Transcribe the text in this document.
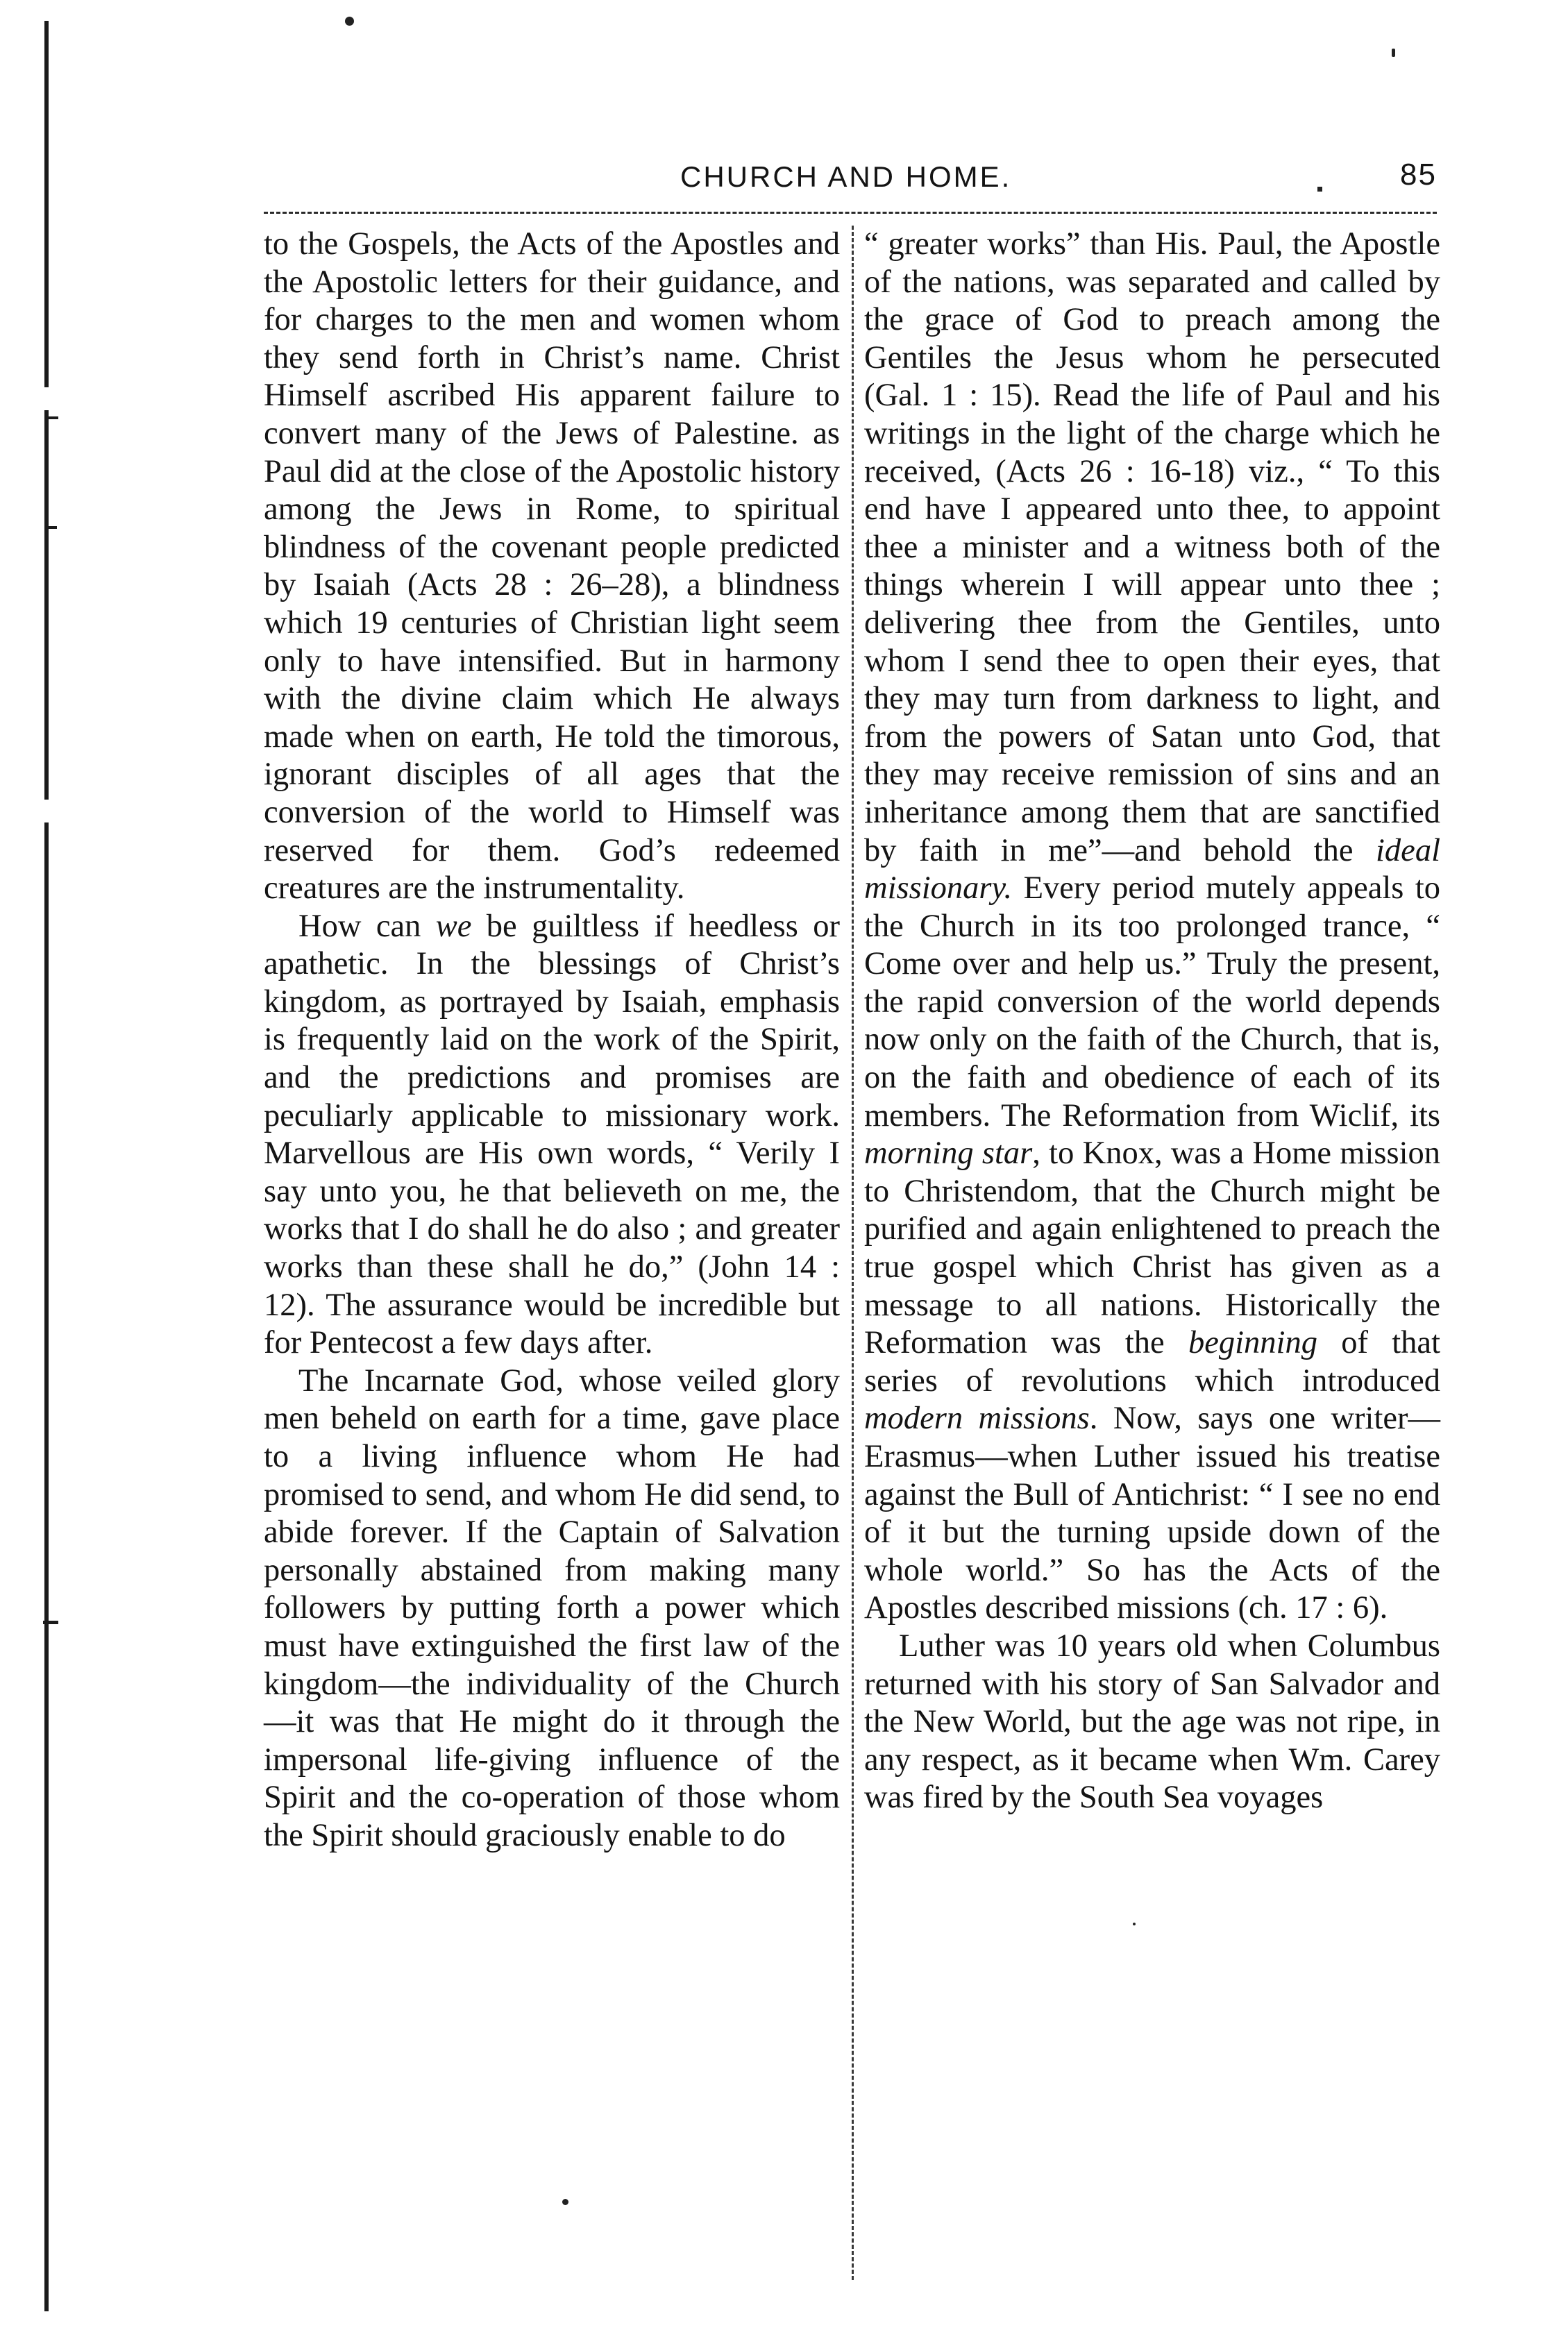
CHURCH AND HOME.	85

to the Gospels, the Acts of the Apostles and the Apostolic letters for their guidance, and for charges to the men and women whom they send forth in Christ’s name. Christ Himself ascribed His apparent failure to convert many of the Jews of Palestine. as Paul did at the close of the Apostolic history among the Jews in Rome, to spiritual blindness of the covenant people predicted by Isaiah (Acts 28 : 26–28), a blindness which 19 centuries of Christian light seem only to have intensified. But in harmony with the divine claim which He always made when on earth, He told the timorous, ignorant disciples of all ages that the conversion of the world to Himself was reserved for them. God’s redeemed creatures are the instrumentality.

How can we be guiltless if heedless or apathetic. In the blessings of Christ’s kingdom, as portrayed by Isaiah, emphasis is frequently laid on the work of the Spirit, and the predictions and promises are peculiarly applicable to missionary work. Marvellous are His own words, “ Verily I say unto you, he that believeth on me, the works that I do shall he do also ; and greater works than these shall he do,” (John 14 : 12). The assurance would be incredible but for Pentecost a few days after.

The Incarnate God, whose veiled glory men beheld on earth for a time, gave place to a living influence whom He had promised to send, and whom He did send, to abide forever. If the Captain of Salvation personally abstained from making many followers by putting forth a power which must have extinguished the first law of the kingdom—the individuality of the Church—it was that He might do it through the impersonal life-giving influence of the Spirit and the co-operation of those whom the Spirit should graciously enable to do

“ greater works” than His. Paul, the Apostle of the nations, was separated and called by the grace of God to preach among the Gentiles the Jesus whom he persecuted (Gal. 1 : 15). Read the life of Paul and his writings in the light of the charge which he received, (Acts 26 : 16-18) viz., “ To this end have I appeared unto thee, to appoint thee a minister and a witness both of the things wherein I will appear unto thee ; delivering thee from the Gentiles, unto whom I send thee to open their eyes, that they may turn from darkness to light, and from the powers of Satan unto God, that they may receive remission of sins and an inheritance among them that are sanctified by faith in me”—and behold the ideal missionary. Every period mutely appeals to the Church in its too prolonged trance, “ Come over and help us.” Truly the present, the rapid conversion of the world depends now only on the faith of the Church, that is, on the faith and obedience of each of its members. The Reformation from Wiclif, its morning star, to Knox, was a Home mission to Christendom, that the Church might be purified and again enlightened to preach the true gospel which Christ has given as a message to all nations. Historically the Reformation was the beginning of that series of revolutions which introduced modern missions. Now, says one writer—Erasmus—when Luther issued his treatise against the Bull of Antichrist: “ I see no end of it but the turning upside down of the whole world.” So has the Acts of the Apostles described missions (ch. 17 : 6).

Luther was 10 years old when Columbus returned with his story of San Salvador and the New World, but the age was not ripe, in any respect, as it became when Wm. Carey was fired by the South Sea voyages
